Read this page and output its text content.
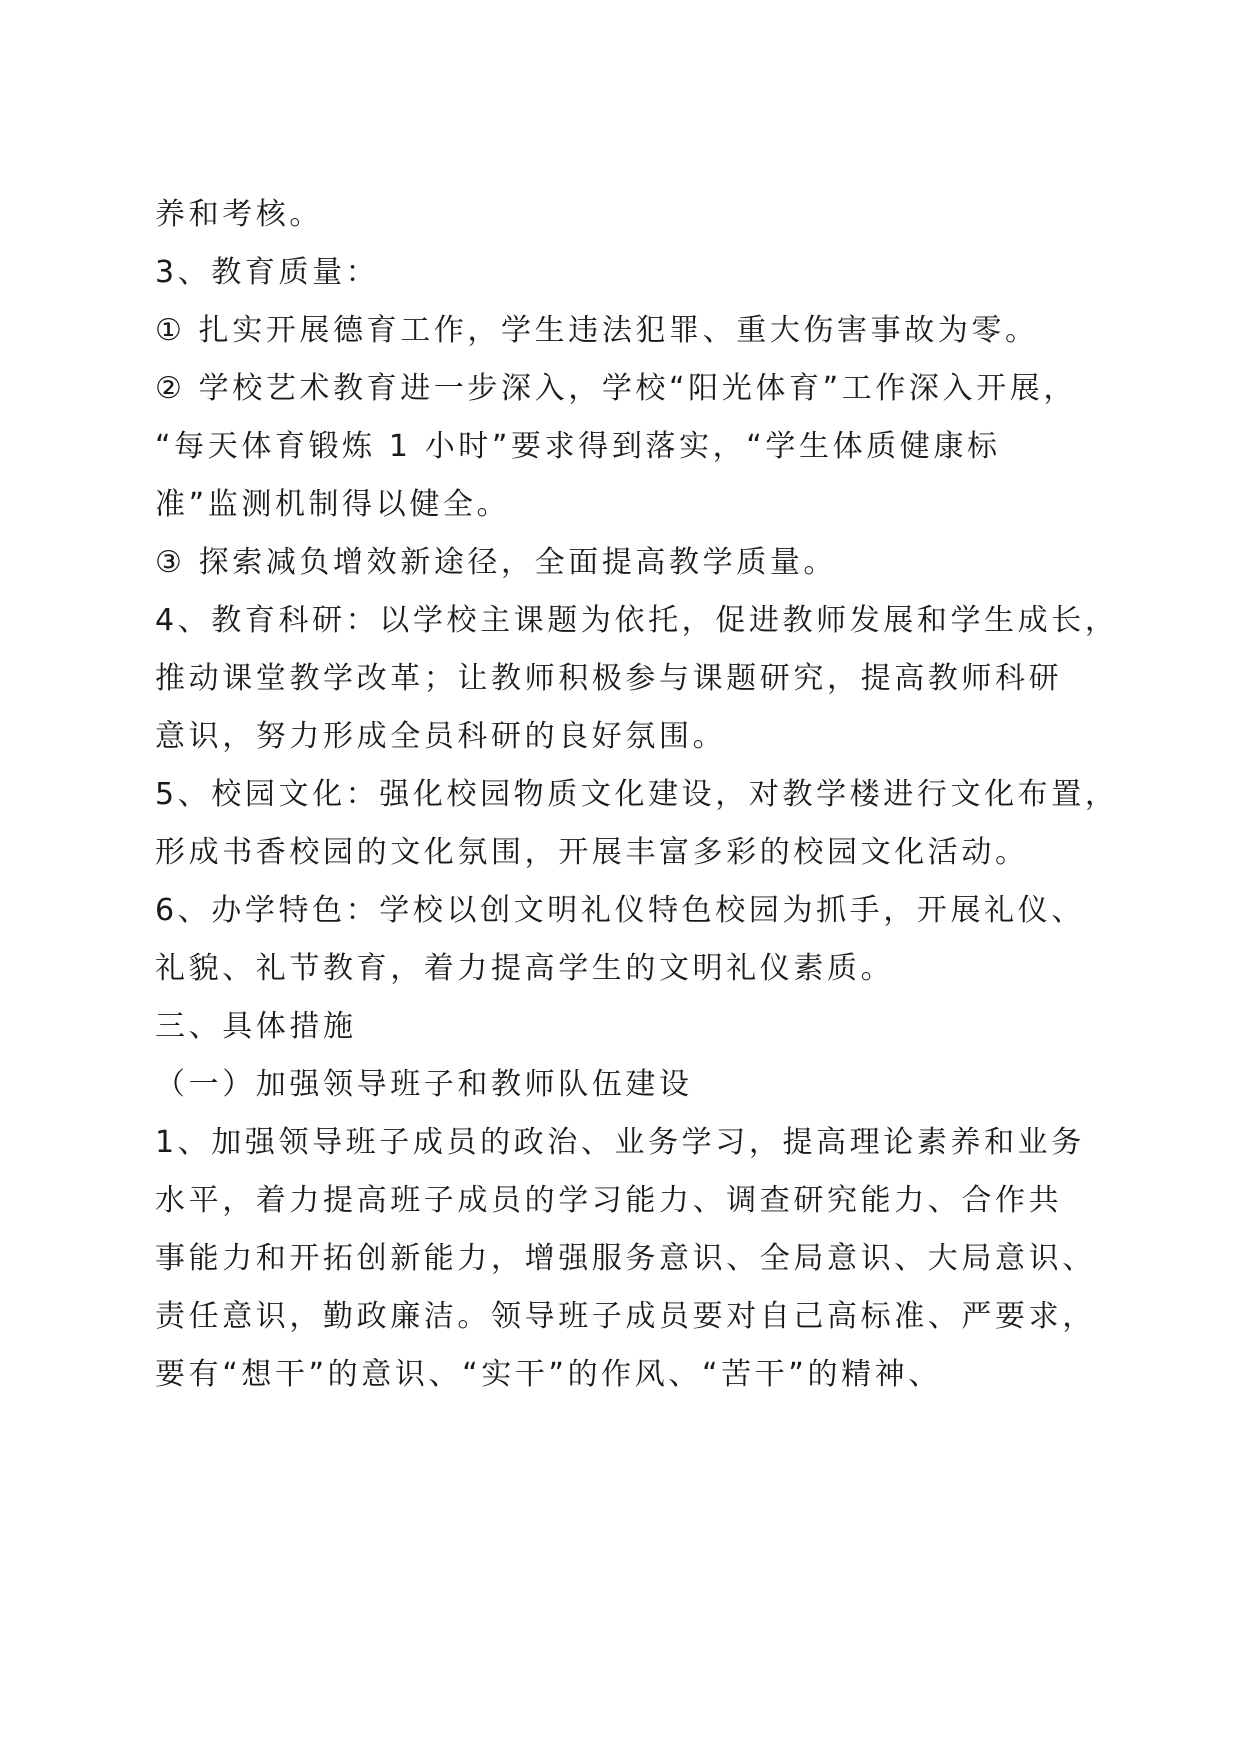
养和考核。
3、教育质量：
① 扎实开展德育工作，学生违法犯罪、重大伤害事故为零。
② 学校艺术教育进一步深入，学校“阳光体育”工作深入开展，
“每天体育锻炼 1 小时”要求得到落实，“学生体质健康标
准”监测机制得以健全。
③ 探索减负增效新途径，全面提高教学质量。
4、教育科研：以学校主课题为依托，促进教师发展和学生成长，
推动课堂教学改革；让教师积极参与课题研究，提高教师科研
意识，努力形成全员科研的良好氛围。
5、校园文化：强化校园物质文化建设，对教学楼进行文化布置，
形成书香校园的文化氛围，开展丰富多彩的校园文化活动。
6、办学特色：学校以创文明礼仪特色校园为抓手，开展礼仪、
礼貌、礼节教育，着力提高学生的文明礼仪素质。
三、具体措施
（一）加强领导班子和教师队伍建设
1、加强领导班子成员的政治、业务学习，提高理论素养和业务
水平，着力提高班子成员的学习能力、调查研究能力、合作共
事能力和开拓创新能力，增强服务意识、全局意识、大局意识、
责任意识，勤政廉洁。领导班子成员要对自己高标准、严要求，
要有“想干”的意识、“实干”的作风、“苦干”的精神、
